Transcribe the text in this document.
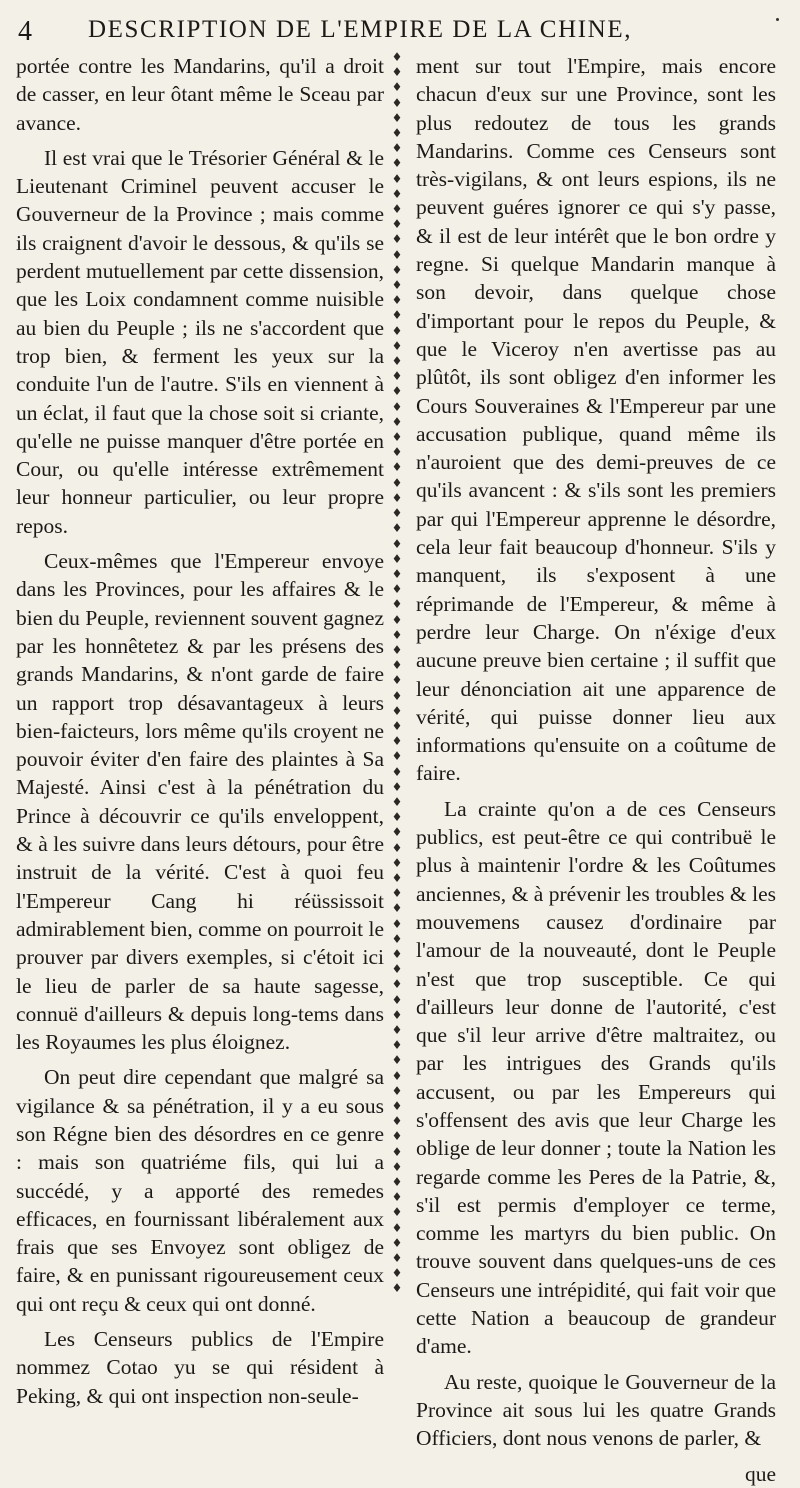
4 DESCRIPTION DE L'EMPIRE DE LA CHINE,

portée contre les Mandarins, qu'il a droit de casser, en leur ôtant même le Sceau par avance.

Il est vrai que le Trésorier Général & le Lieutenant Criminel peuvent accuser le Gouverneur de la Province ; mais comme ils craignent d'avoir le dessous, & qu'ils se perdent mutuellement par cette dissension, que les Loix condamnent comme nuisible au bien du Peuple ; ils ne s'accordent que trop bien, & ferment les yeux sur la conduite l'un de l'autre. S'ils en viennent à un éclat, il faut que la chose soit si criante, qu'elle ne puisse manquer d'être portée en Cour, ou qu'elle intéresse extrêmement leur honneur particulier, ou leur propre repos.

Ceux-mêmes que l'Empereur envoye dans les Provinces, pour les affaires & le bien du Peuple, reviennent souvent gagnez par les honnêtetez & par les présens des grands Mandarins, & n'ont garde de faire un rapport trop désavantageux à leurs bien-faicteurs, lors même qu'ils croyent ne pouvoir éviter d'en faire des plaintes à Sa Majesté. Ainsi c'est à la pénétration du Prince à découvrir ce qu'ils enveloppent, & à les suivre dans leurs détours, pour être instruit de la vérité. C'est à quoi feu l'Empereur Cang hi réüssissoit admirablement bien, comme on pourroit le prouver par divers exemples, si c'étoit ici le lieu de parler de sa haute sagesse, connuë d'ailleurs & depuis long-tems dans les Royaumes les plus éloignez.

On peut dire cependant que malgré sa vigilance & sa pénétration, il y a eu sous son Régne bien des désordres en ce genre : mais son quatriéme fils, qui lui a succédé, y a apporté des remedes efficaces, en fournissant libéralement aux frais que ses Envoyez sont obligez de faire, & en punissant rigoureusement ceux qui ont reçu & ceux qui ont donné.

Les Censeurs publics de l'Empire nommez Cotao yu se qui résident à Peking, & qui ont inspection non-seule-

♦
♦
♦
♦
♦
♦
♦
♦
♦
♦
♦
♦
♦
♦
♦
♦
♦
♦
♦
♦
♦
♦
♦
♦
♦
♦
♦
♦
♦
♦
♦
♦
♦
♦
♦
♦
♦
♦
♦
♦
♦
♦
♦
♦
♦
♦
♦
♦
♦
♦
♦
♦
♦
♦
♦
♦
♦
♦
♦
♦
♦
♦
♦
♦
♦
♦
♦
♦
♦
♦
♦
♦
♦
♦
♦
♦
♦
♦
♦
♦
♦
♦

ment sur tout l'Empire, mais encore chacun d'eux sur une Province, sont les plus redoutez de tous les grands Mandarins. Comme ces Censeurs sont très-vigilans, & ont leurs espions, ils ne peuvent guéres ignorer ce qui s'y passe, & il est de leur intérêt que le bon ordre y regne. Si quelque Mandarin manque à son devoir, dans quelque chose d'important pour le repos du Peuple, & que le Viceroy n'en avertisse pas au plûtôt, ils sont obligez d'en informer les Cours Souveraines & l'Empereur par une accusation publique, quand même ils n'auroient que des demi-preuves de ce qu'ils avancent : & s'ils sont les premiers par qui l'Empereur apprenne le désordre, cela leur fait beaucoup d'honneur. S'ils y manquent, ils s'exposent à une réprimande de l'Empereur, & même à perdre leur Charge. On n'éxige d'eux aucune preuve bien certaine ; il suffit que leur dénonciation ait une apparence de vérité, qui puisse donner lieu aux informations qu'ensuite on a coûtume de faire.

La crainte qu'on a de ces Censeurs publics, est peut-être ce qui contribuë le plus à maintenir l'ordre & les Coûtumes anciennes, & à prévenir les troubles & les mouvemens causez d'ordinaire par l'amour de la nouveauté, dont le Peuple n'est que trop susceptible. Ce qui d'ailleurs leur donne de l'autorité, c'est que s'il leur arrive d'être maltraitez, ou par les intrigues des Grands qu'ils accusent, ou par les Empereurs qui s'offensent des avis que leur Charge les oblige de leur donner ; toute la Nation les regarde comme les Peres de la Patrie, &, s'il est permis d'employer ce terme, comme les martyrs du bien public. On trouve souvent dans quelques-uns de ces Censeurs une intrépidité, qui fait voir que cette Nation a beaucoup de grandeur d'ame.

Au reste, quoique le Gouverneur de la Province ait sous lui les quatre Grands Officiers, dont nous venons de parler, &

que
